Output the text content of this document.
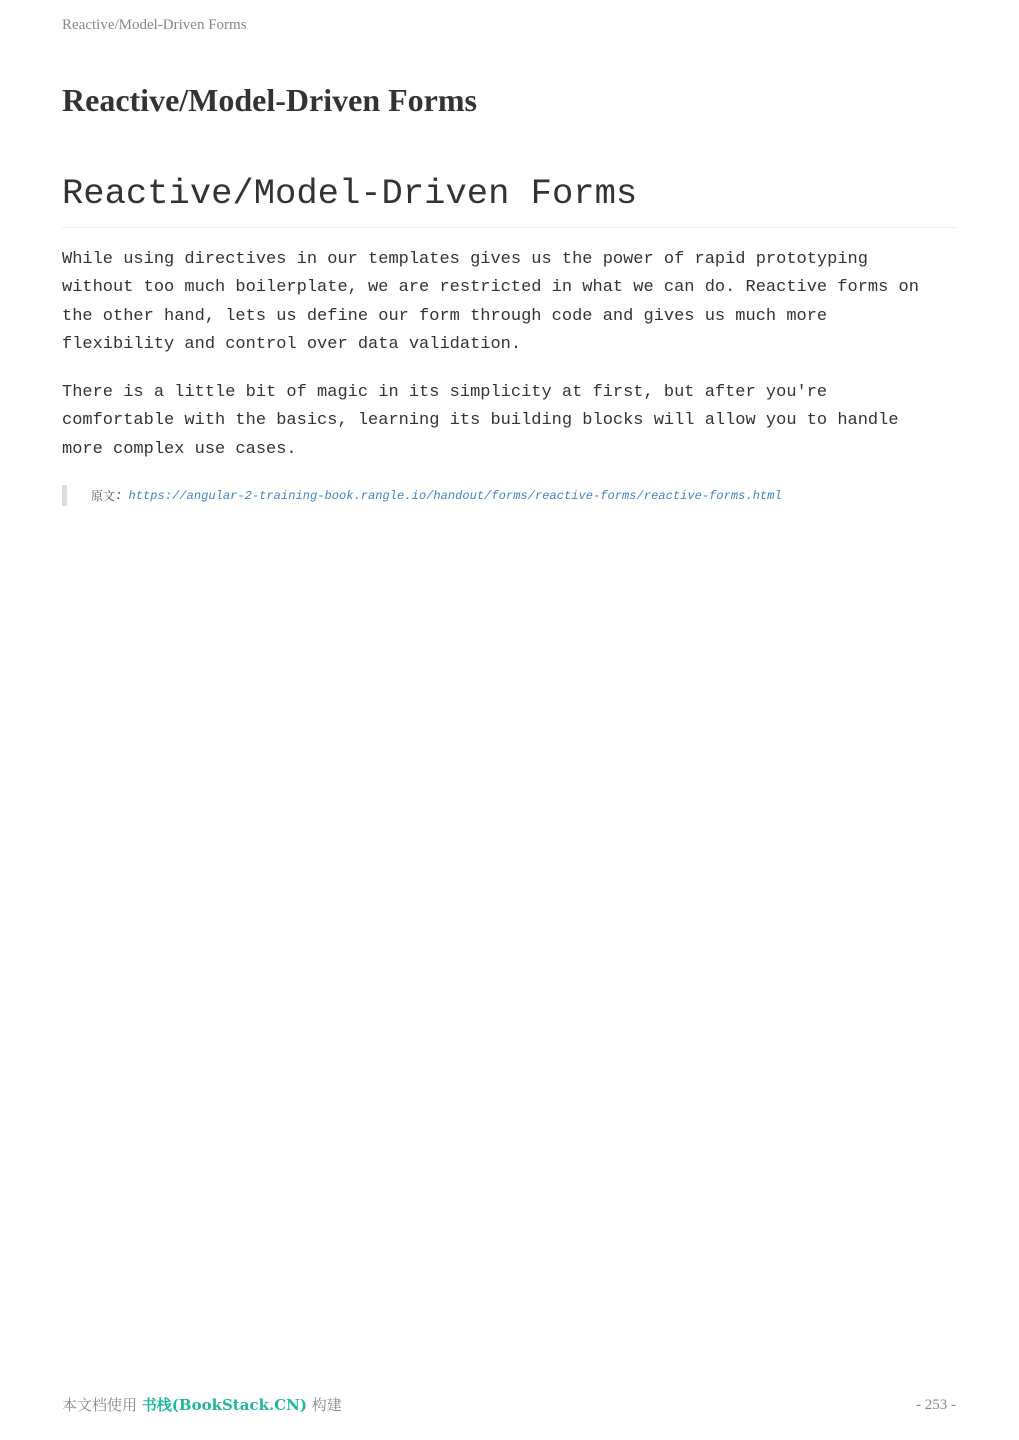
Reactive/Model-Driven Forms
Reactive/Model-Driven Forms
Reactive/Model-Driven Forms

While using directives in our templates gives us the power of rapid prototyping
without too much boilerplate, we are restricted in what we can do. Reactive forms on
the other hand, lets us define our form through code and gives us much more
flexibility and control over data validation.

There is a little bit of magic in its simplicity at first, but after you're
comfortable with the basics, learning its building blocks will allow you to handle
more complex use cases.

原文 : https://angular-2-training-book.rangle.io/handout/forms/reactive-forms/reactive-forms.html
本文档使用 书栈(BookStack.CN) 构建	- 253 -
